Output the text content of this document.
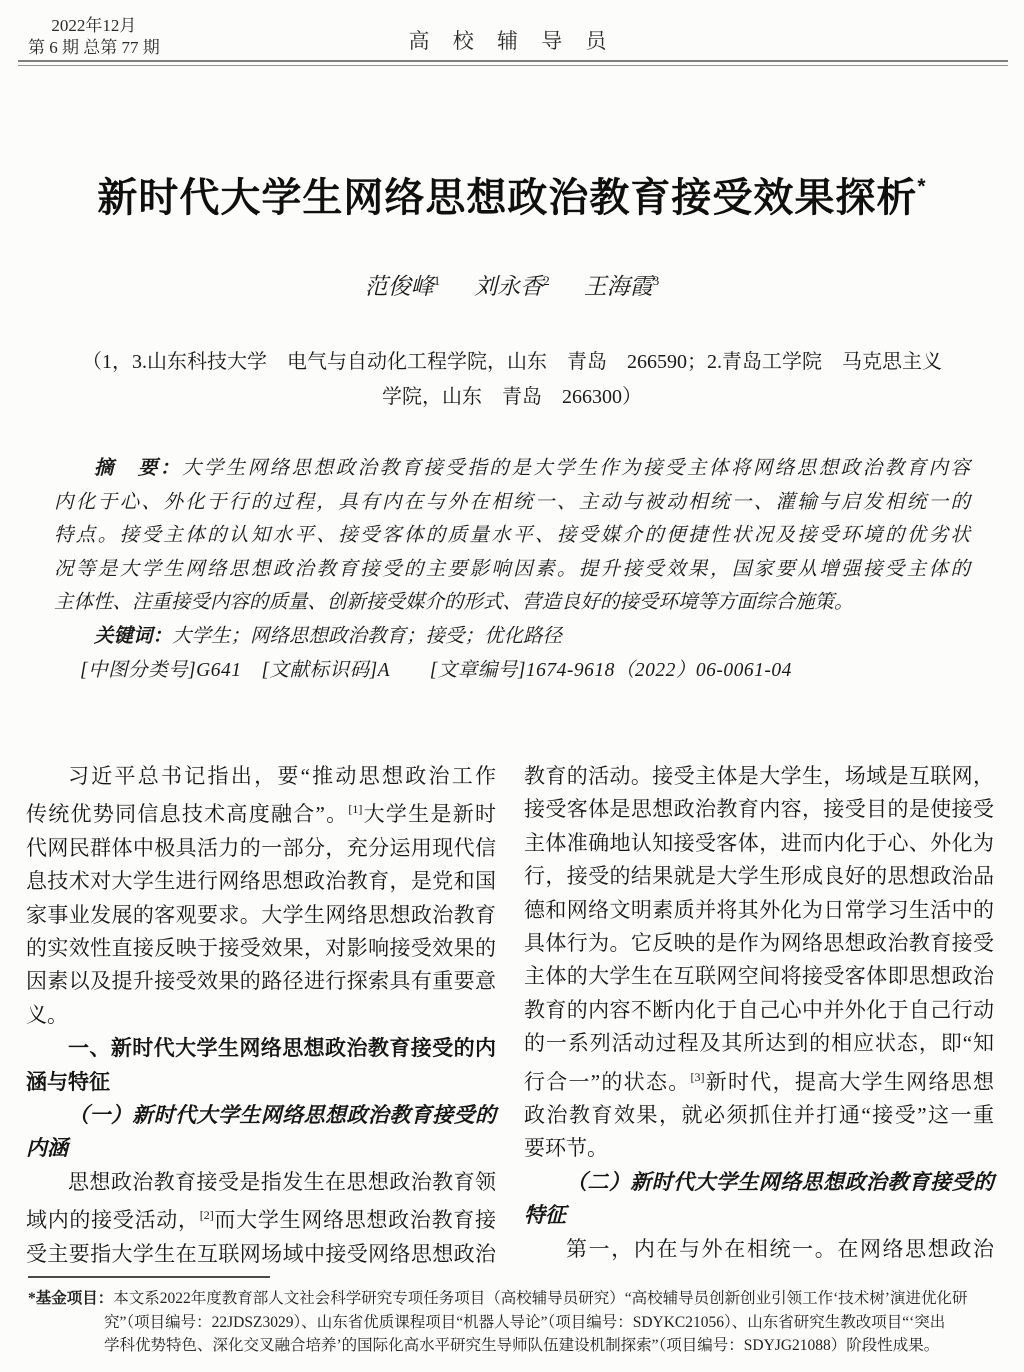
2022年12月
第 6 期 总第 77 期	高 校 辅 导 员
新时代大学生网络思想政治教育接受效果探析*
范俊峰$^1$ 刘永香$^2$ 王海霞$^3$
（1，3.山东科技大学　电气与自动化工程学院，山东　青岛　266590；2.青岛工学院　马克思主义
学院，山东　青岛　266300）
摘　要：大学生网络思想政治教育接受指的是大学生作为接受主体将网络思想政治教育内容
内化于心、外化于行的过程，具有内在与外在相统一、主动与被动相统一、灌输与启发相统一的
特点。接受主体的认知水平、接受客体的质量水平、接受媒介的便捷性状况及接受环境的优劣状
况等是大学生网络思想政治教育接受的主要影响因素。提升接受效果，国家要从增强接受主体的
主体性、注重接受内容的质量、创新接受媒介的形式、营造良好的接受环境等方面综合施策。
关键词：大学生；网络思想政治教育；接受；优化路径
[中图分类号]G641　[文献标识码]A　　[文章编号]1674-9618（2022）06-0061-04
习近平总书记指出，要“推动思想政治工作
传统优势同信息技术高度融合”。[1]大学生是新时
代网民群体中极具活力的一部分，充分运用现代信
息技术对大学生进行网络思想政治教育，是党和国
家事业发展的客观要求。大学生网络思想政治教育
的实效性直接反映于接受效果，对影响接受效果的
因素以及提升接受效果的路径进行探索具有重要意
义。
一、新时代大学生网络思想政治教育接受的内
涵与特征
（一）新时代大学生网络思想政治教育接受的
内涵
思想政治教育接受是指发生在思想政治教育领
域内的接受活动，[2]而大学生网络思想政治教育接
受主要指大学生在互联网场域中接受网络思想政治
教育的活动。接受主体是大学生，场域是互联网，
接受客体是思想政治教育内容，接受目的是使接受
主体准确地认知接受客体，进而内化于心、外化为
行，接受的结果就是大学生形成良好的思想政治品
德和网络文明素质并将其外化为日常学习生活中的
具体行为。它反映的是作为网络思想政治教育接受
主体的大学生在互联网空间将接受客体即思想政治
教育的内容不断内化于自己心中并外化于自己行动
的一系列活动过程及其所达到的相应状态，即“知
行合一”的状态。[3]新时代，提高大学生网络思想
政治教育效果，就必须抓住并打通“接受”这一重
要环节。
（二）新时代大学生网络思想政治教育接受的
特征
第一，内在与外在相统一。在网络思想政治
*基金项目：本文系2022年度教育部人文社会科学研究专项任务项目（高校辅导员研究）“高校辅导员创新创业引领工作‘技术树’演进优化研
究”（项目编号：22JDSZ3029）、山东省优质课程项目“机器人导论”（项目编号：SDYKC21056）、山东省研究生教改项目“‘突出
学科优势特色、深化交叉融合培养’的国际化高水平研究生导师队伍建设机制探索”（项目编号：SDYJG21088）阶段性成果。
